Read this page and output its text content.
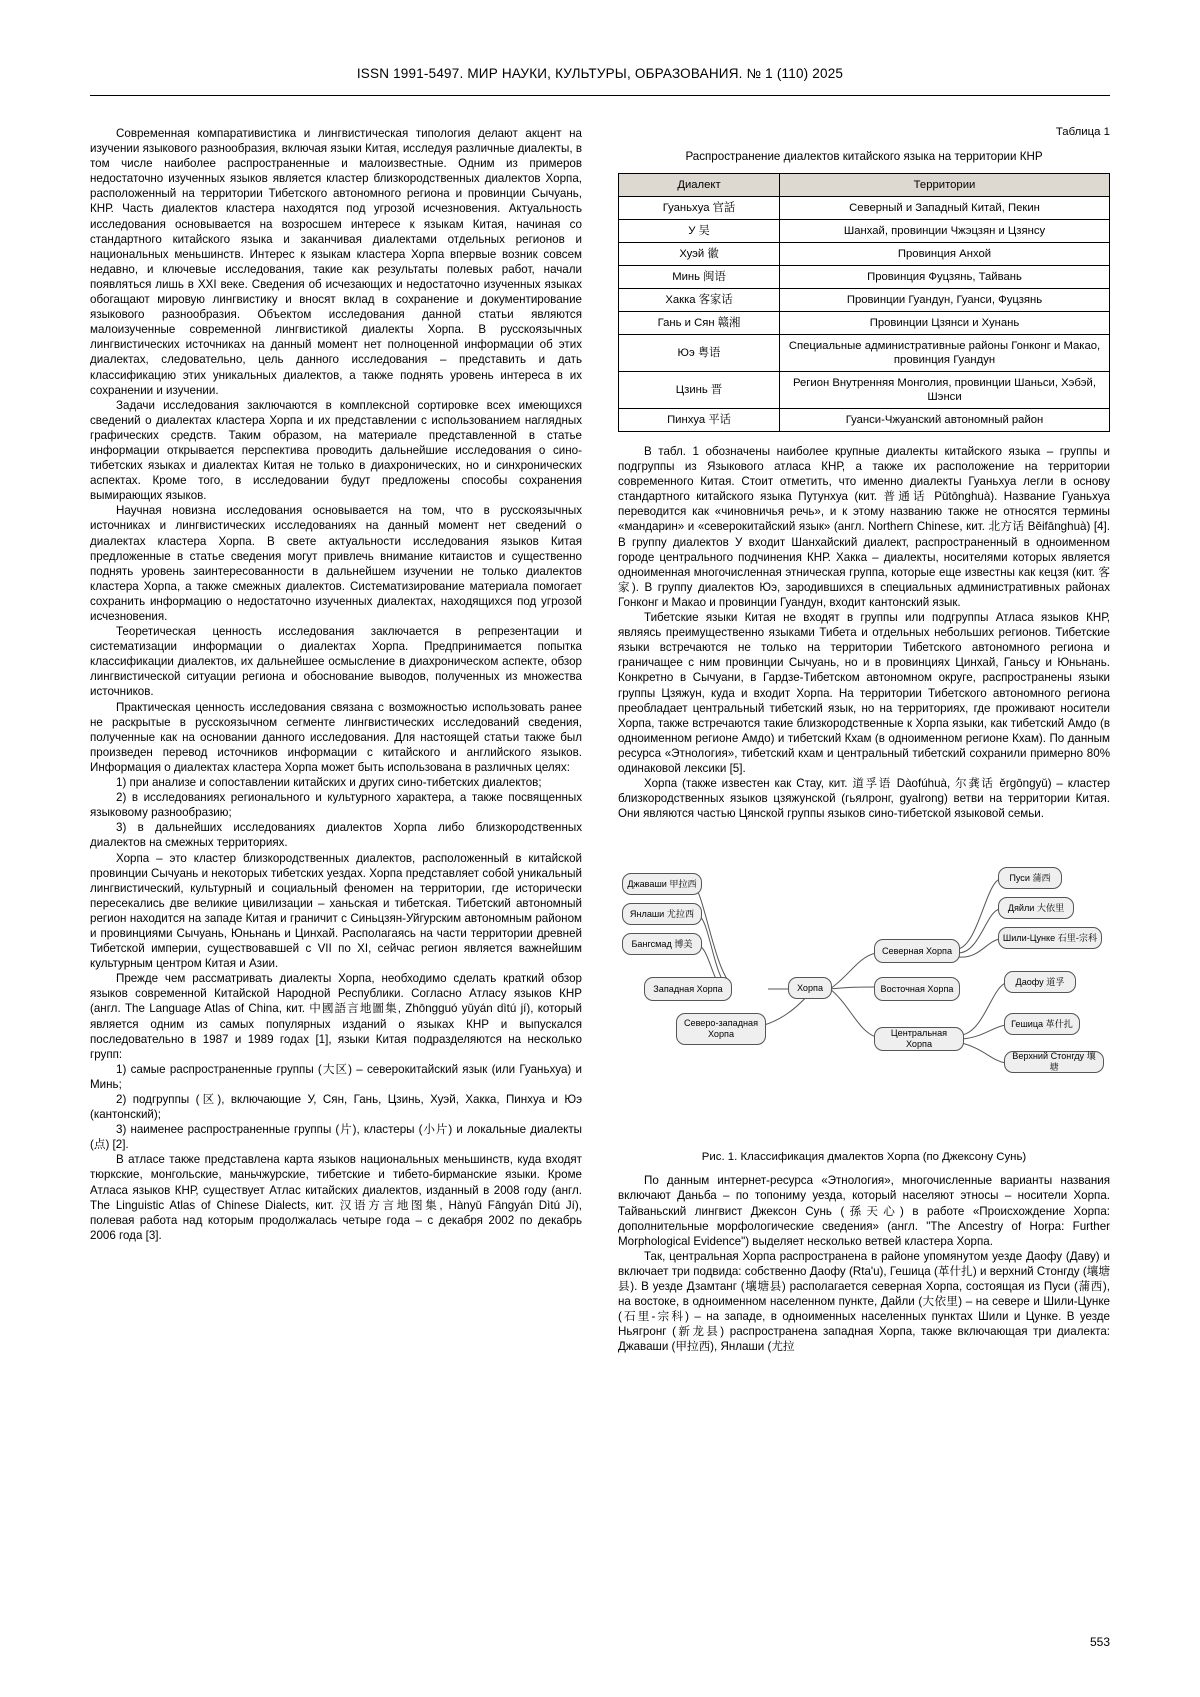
ISSN 1991-5497. МИР НАУКИ, КУЛЬТУРЫ, ОБРАЗОВАНИЯ. № 1 (110) 2025

Современная компаративистика и лингвистическая типология делают акцент на изучении языкового разнообразия, включая языки Китая, исследуя различные диалекты, в том числе наиболее распространенные и малоизвестные. Одним из примеров недостаточно изученных языков является кластер близкородственных диалектов Хорпа, расположенный на территории Тибетского автономного региона и провинции Сычуань, КНР. Часть диалектов кластера находятся под угрозой исчезновения. Актуальность исследования основывается на возросшем интересе к языкам Китая, начиная со стандартного китайского языка и заканчивая диалектами отдельных регионов и национальных меньшинств. Интерес к языкам кластера Хорпа впервые возник совсем недавно, и ключевые исследования, такие как результаты полевых работ, начали появляться лишь в XXI веке. Сведения об исчезающих и недостаточно изученных языках обогащают мировую лингвистику и вносят вклад в сохранение и документирование языкового разнообразия. Объектом исследования данной статьи являются малоизученные современной лингвистикой диалекты Хорпа. В русскоязычных лингвистических источниках на данный момент нет полноценной информации об этих диалектах, следовательно, цель данного исследования – представить и дать классификацию этих уникальных диалектов, а также поднять уровень интереса в их сохранении и изучении.

Задачи исследования заключаются в комплексной сортировке всех имеющихся сведений о диалектах кластера Хорпа и их представлении с использованием наглядных графических средств. Таким образом, на материале представленной в статье информации открывается перспектива проводить дальнейшие исследования о сино-тибетских языках и диалектах Китая не только в диахронических, но и синхронических аспектах. Кроме того, в исследовании будут предложены способы сохранения вымирающих языков.

Научная новизна исследования основывается на том, что в русскоязычных источниках и лингвистических исследованиях на данный момент нет сведений о диалектах кластера Хорпа. В свете актуальности исследования языков Китая предложенные в статье сведения могут привлечь внимание китаистов и существенно поднять уровень заинтересованности в дальнейшем изучении не только диалектов кластера Хорпа, а также смежных диалектов. Систематизирование материала помогает сохранить информацию о недостаточно изученных диалектах, находящихся под угрозой исчезновения.

Теоретическая ценность исследования заключается в репрезентации и систематизации информации о диалектах Хорпа. Предпринимается попытка классификации диалектов, их дальнейшее осмысление в диахроническом аспекте, обзор лингвистической ситуации региона и обоснование выводов, полученных из множества источников.

Практическая ценность исследования связана с возможностью использовать ранее не раскрытые в русскоязычном сегменте лингвистических исследований сведения, полученные как на основании данного исследования. Для настоящей статьи также был произведен перевод источников информации с китайского и английского языков. Информация о диалектах кластера Хорпа может быть использована в различных целях:

1) при анализе и сопоставлении китайских и других сино-тибетских диалектов;

2) в исследованиях регионального и культурного характера, а также посвященных языковому разнообразию;

3) в дальнейших исследованиях диалектов Хорпа либо близкородственных диалектов на смежных территориях.

Хорпа – это кластер близкородственных диалектов, расположенный в китайской провинции Сычуань и некоторых тибетских уездах. Хорпа представляет собой уникальный лингвистический, культурный и социальный феномен на территории, где исторически пересекались две великие цивилизации – ханьская и тибетская. Тибетский автономный регион находится на западе Китая и граничит с Синьцзян-Уйгурским автономным районом и провинциями Сычуань, Юньнань и Цинхай. Располагаясь на части территории древней Тибетской империи, существовавшей с VII по XI, сейчас регион является важнейшим культурным центром Китая и Азии.

Прежде чем рассматривать диалекты Хорпа, необходимо сделать краткий обзор языков современной Китайской Народной Республики. Согласно Атласу языков КНР (англ. The Language Atlas of China, кит. 中國語言地圖集, Zhōngguó yǔyán dìtú jí), который является одним из самых популярных изданий о языках КНР и выпускался последовательно в 1987 и 1989 годах [1], языки Китая подразделяются на несколько групп:

1) самые распространенные группы (大区) – северокитайский язык (или Гуаньхуа) и Минь;

2) подгруппы (区), включающие У, Сян, Гань, Цзинь, Хуэй, Хакка, Пинхуа и Юэ (кантонский);

3) наименее распространенные группы (片), кластеры (小片) и локальные диалекты (点) [2].

В атласе также представлена карта языков национальных меньшинств, куда входят тюркские, монгольские, маньчжурские, тибетские и тибето-бирманские языки. Кроме Атласа языков КНР, существует Атлас китайских диалектов, изданный в 2008 году (англ. The Linguistic Atlas of Chinese Dialects, кит. 汉语方言地图集, Hànyǔ Fāngyán Dìtú Jí), полевая работа над которым продолжалась четыре года – с декабря 2002 по декабрь 2006 года [3].

Таблица 1
Распространение диалектов китайского языка на территории КНР
Диалект	Территории
Гуаньхуа 官話	Северный и Западный Китай, Пекин
У 吴	Шанхай, провинции Чжэцзян и Цзянсу
Хуэй 徽	Провинция Анхой
Минь 闽语	Провинция Фуцзянь, Тайвань
Хакка 客家话	Провинции Гуандун, Гуанси, Фуцзянь
Гань и Сян 赣湘	Провинции Цзянси и Хунань
Юэ 粤语	Специальные административные районы Гонконг и Макао, провинция Гуандун
Цзинь 晋	Регион Внутренняя Монголия, провинции Шаньси, Хэбэй, Шэнси
Пинхуа 平话	Гуанси-Чжуанский автономный район

В табл. 1 обозначены наиболее крупные диалекты китайского языка – группы и подгруппы из Языкового атласа КНР, а также их расположение на территории современного Китая. Стоит отметить, что именно диалекты Гуаньхуа легли в основу стандартного китайского языка Путунхуа (кит. 普通话 Pǔtōnghuà). Название Гуаньхуа переводится как «чиновничья речь», и к этому названию также не относятся термины «мандарин» и «северокитайский язык» (англ. Northern Chinese, кит. 北方话 Běifānghuà) [4]. В группу диалектов У входит Шанхайский диалект, распространенный в одноименном городе центрального подчинения КНР. Хакка – диалекты, носителями которых является одноименная многочисленная этническая группа, которые еще известны как кецзя (кит. 客家). В группу диалектов Юэ, зародившихся в специальных административных районах Гонконг и Макао и провинции Гуандун, входит кантонский язык.

Тибетские языки Китая не входят в группы или подгруппы Атласа языков КНР, являясь преимущественно языками Тибета и отдельных небольших регионов. Тибетские языки встречаются не только на территории Тибетского автономного региона и граничащее с ним провинции Сычуань, но и в провинциях Цинхай, Ганьсу и Юньнань. Конкретно в Сычуани, в Гардзе-Тибетском автономном округе, распространены языки группы Цзяжун, куда и входит Хорпа. На территории Тибетского автономного региона преобладает центральный тибетский язык, но на территориях, где проживают носители Хорпа, также встречаются такие близкородственные к Хорпа языки, как тибетский Амдо (в одноименном регионе Амдо) и тибетский Кхам (в одноименном регионе Кхам). По данным ресурса «Этнология», тибетский кхам и центральный тибетский сохранили примерно 80% одинаковой лексики [5].

Хорпа (также известен как Стау, кит. 道孚语 Dàofúhuà, 尔龚话 ěrgōngyǔ) – кластер близкородственных языков цзяжунской (гьялронг, gyalrong) ветви на территории Китая. Они являются частью Цянской группы языков сино-тибетской языковой семьи.

Хорпа
Западная Хорпа
Северная Хорпа
Восточная Хорпа
Центральная Хорпа
Северо-западная Хорпа
Джаваши 甲拉西
Янлаши 尤拉西
Бангсмад 博美
Пуси 蒲西
Дяйли 大依里
Шили-Цунке 石里-宗科
Даофу 道孚
Гешица 革什扎
Верхний Стонгду 壤塘
Рис. 1. Классификация дмалектов Хорпа (по Джексону Сунь)

По данным интернет-ресурса «Этнология», многочисленные варианты названия включают Даньба – по топониму уезда, который населяют этносы – носители Хорпа. Тайваньский лингвист Джексон Сунь (孫天心) в работе «Происхождение Хорпа: дополнительные морфологические сведения» (англ. "The Ancestry of Horpa: Further Morphological Evidence") выделяет несколько ветвей кластера Хорпа.

Так, центральная Хорпа распространена в районе упомянутом уезде Даофу (Даву) и включает три подвида: собственно Даофу (Rta'u), Гешица (革什扎) и верхний Стонгду (壤塘县). В уезде Дзамтанг (壤塘县) располагается северная Хорпа, состоящая из Пуси (蒲西), на востоке, в одноименном населенном пункте, Дайли (大依里) – на севере и Шили-Цунке (石里-宗科) – на западе, в одноименных населенных пунктах Шили и Цунке. В уезде Ньягронг (新龙县) распространена западная Хорпа, также включающая три диалекта: Джаваши (甲拉西), Янлаши (尤拉

553
